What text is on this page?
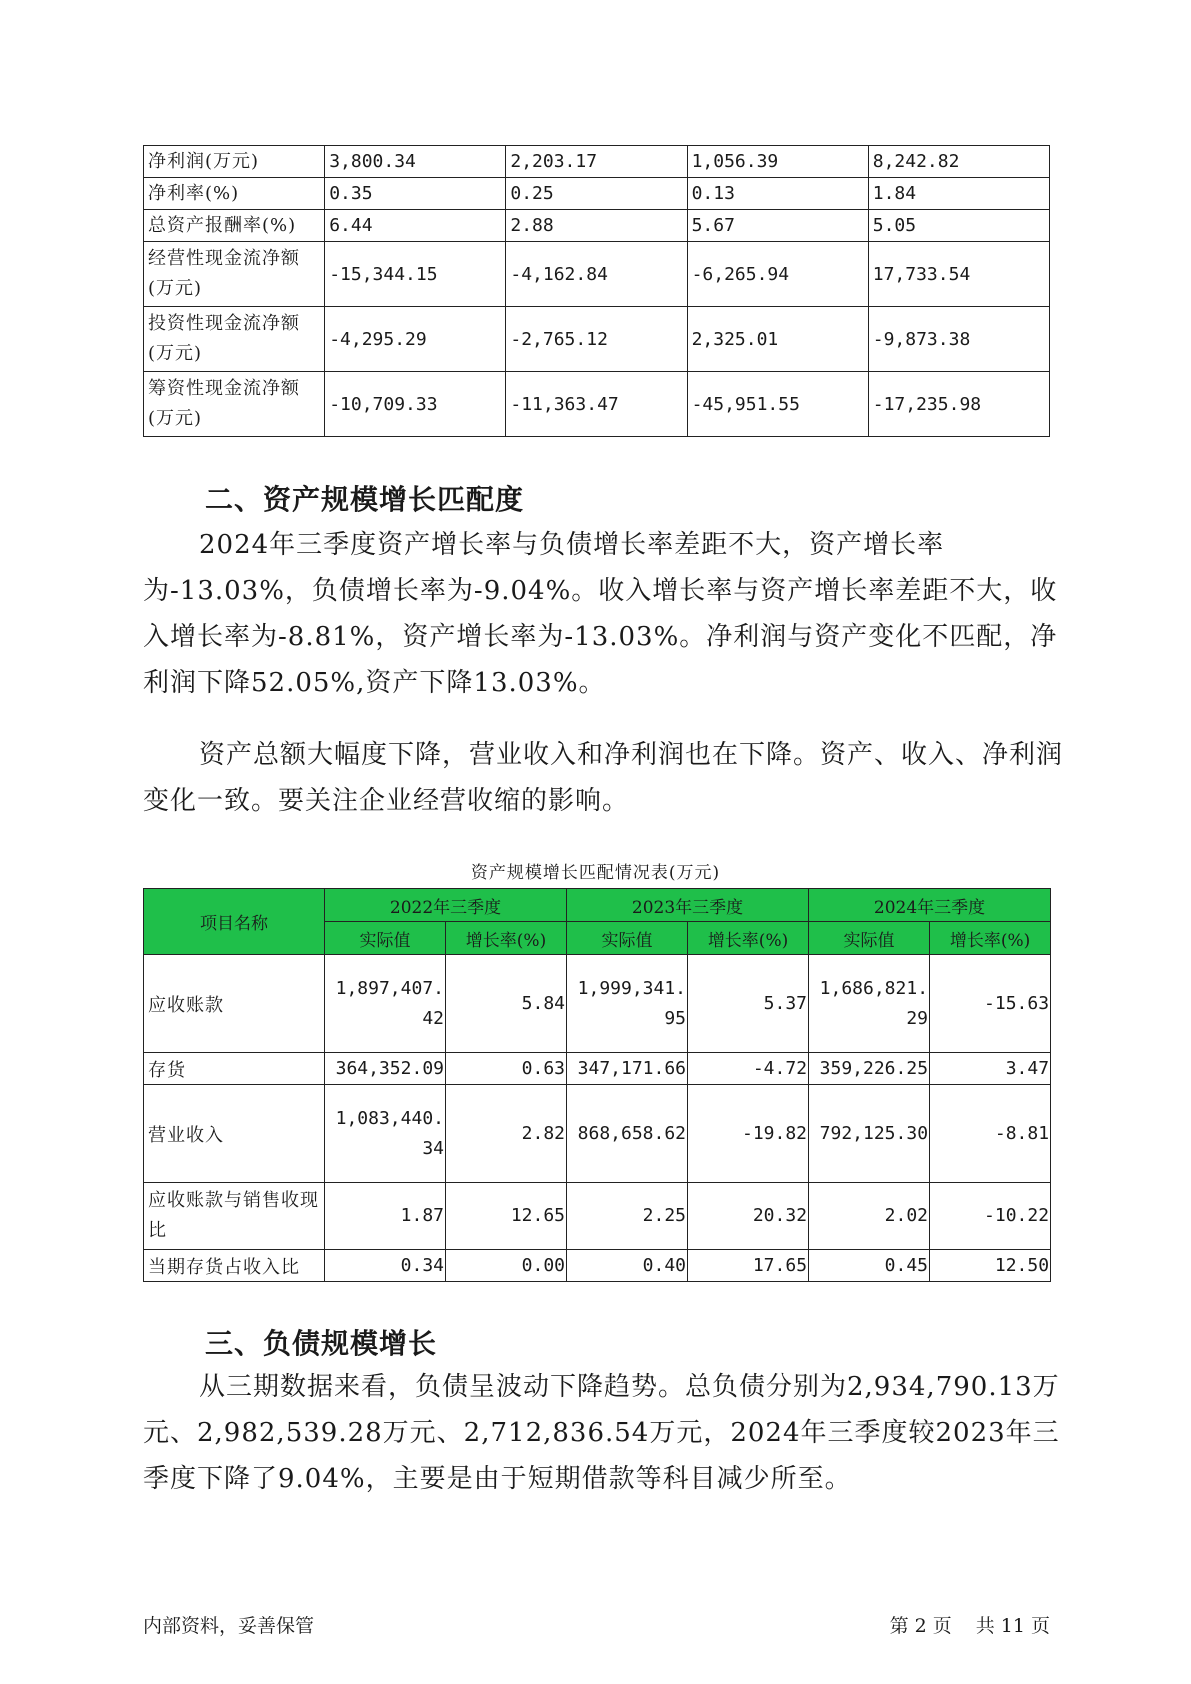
净利润(万元)	3,800.34	2,203.17	1,056.39	8,242.82
净利率(%)	0.35	0.25	0.13	1.84
总资产报酬率(%)	6.44	2.88	5.67	5.05
经营性现金流净额(万元)	-15,344.15	-4,162.84	-6,265.94	17,733.54
投资性现金流净额(万元)	-4,295.29	-2,765.12	2,325.01	-9,873.38
筹资性现金流净额(万元)	-10,709.33	-11,363.47	-45,951.55	-17,235.98
二、资产规模增长匹配度

2024年三季度资产增长率与负债增长率差距不大，资产增长率为-13.03%，负债增长率为-9.04%。收入增长率与资产增长率差距不大，收入增长率为-8.81%，资产增长率为-13.03%。净利润与资产变化不匹配，净利润下降52.05%,资产下降13.03%。

资产总额大幅度下降，营业收入和净利润也在下降。资产、收入、净利润变化一致。要关注企业经营收缩的影响。

资产规模增长匹配情况表(万元)
项目名称	2022年三季度		2023年三季度		2024年三季度	
	实际值	增长率(%)	实际值	增长率(%)	实际值	增长率(%)
应收账款	1,897,407.42	5.84	1,999,341.95	5.37	1,686,821.29	-15.63
存货	364,352.09	0.63	347,171.66	-4.72	359,226.25	3.47
营业收入	1,083,440.34	2.82	868,658.62	-19.82	792,125.30	-8.81
应收账款与销售收现比	1.87	12.65	2.25	20.32	2.02	-10.22
当期存货占收入比	0.34	0.00	0.40	17.65	0.45	12.50
三、负债规模增长

从三期数据来看，负债呈波动下降趋势。总负债分别为2,934,790.13万元、2,982,539.28万元、2,712,836.54万元，2024年三季度较2023年三季度下降了9.04%，主要是由于短期借款等科目减少所至。

内部资料，妥善保管	第 2 页 共 11 页
